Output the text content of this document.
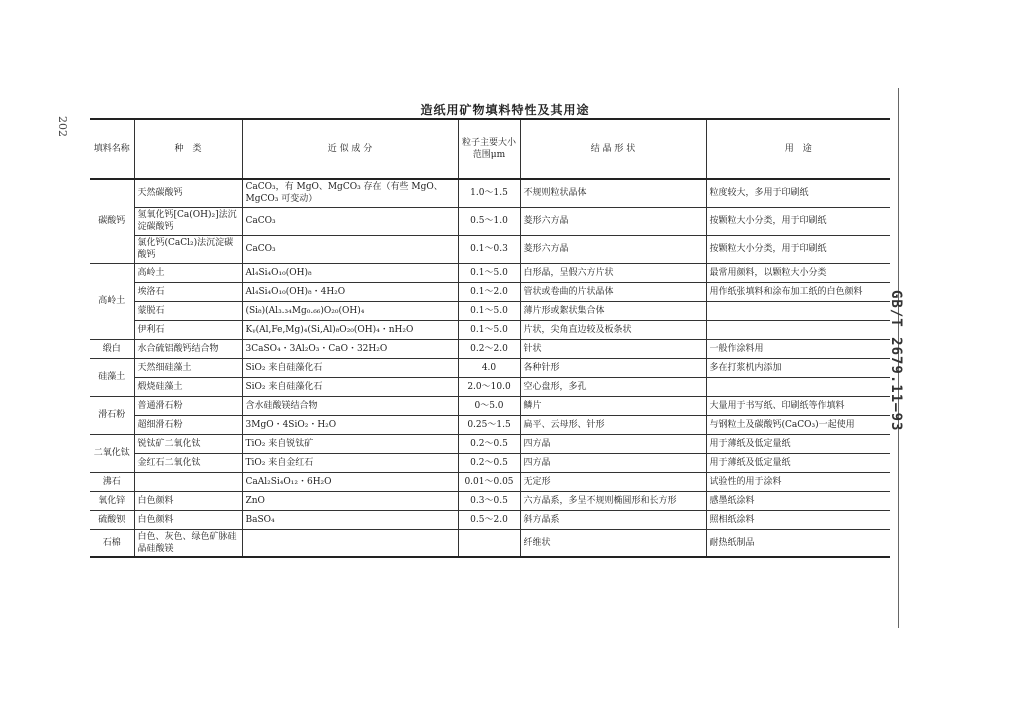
202
GB/T 2679.11—93
造纸用矿物填料特性及其用途
填料名称	种　类	近 似 成 分	粒子主要大小范围μm	结 晶 形 状	用　途
碳酸钙	天然碳酸钙	CaCO₃，有 MgO、MgCO₃ 存在（有些 MgO、MgCO₃ 可变动）	1.0～1.5	不规则粒状晶体	粒度较大，多用于印刷纸
	氢氧化钙[Ca(OH)₂]法沉淀碳酸钙	CaCO₃	0.5～1.0	菱形六方晶	按颗粒大小分类，用于印刷纸
	氯化钙(CaCl₂)法沉淀碳酸钙	CaCO₃	0.1～0.3	菱形六方晶	按颗粒大小分类，用于印刷纸
高岭土	高岭土	Al₄Si₄O₁₀(OH)₈	0.1～5.0	白形晶，呈假六方片状	最常用颜料，以颗粒大小分类
	埃洛石	Al₄Si₄O₁₀(OH)₈・4H₂O	0.1～2.0	管状或卷曲的片状晶体	用作纸张填料和涂布加工纸的白色颜料
	蒙脱石	(Si₈)(Al₃.₃₄Mg₀.₆₆)O₂₀(OH)₄	0.1～5.0	薄片形或絮状集合体	
	伊利石	Kᵧ(Al,Fe,Mg)₄(Si,Al)₈O₂₀(OH)₄・nH₂O	0.1～5.0	片状，尖角直边较及板条状	
缎白	水合硫铝酸钙结合物	3CaSO₄・3Al₂O₃・CaO・32H₂O	0.2～2.0	针状	一般作涂料用
硅藻土	天然细硅藻土	SiO₂ 来自硅藻化石	4.0	各种针形	多在打浆机内添加
	煅烧硅藻土	SiO₂ 来自硅藻化石	2.0～10.0	空心盘形，多孔	
滑石粉	普通滑石粉	含水硅酸镁结合物	0～5.0	鳞片	大量用于书写纸、印刷纸等作填料
	超细滑石粉	3MgO・4SiO₂・H₂O	0.25～1.5	扁平、云母形、针形	与钢粒土及碳酸钙(CaCO₃)一起使用
二氧化钛	锐钛矿二氧化钛	TiO₂ 来自锐钛矿	0.2～0.5	四方晶	用于薄纸及低定量纸
	金红石二氧化钛	TiO₂ 来自金红石	0.2～0.5	四方晶	用于薄纸及低定量纸
沸石		CaAl₂Si₄O₁₂・6H₂O	0.01～0.05	无定形	试验性的用于涂料
氧化锌	白色颜料	ZnO	0.3～0.5	六方晶系，多呈不规则椭圆形和长方形	感墨纸涂料
硫酸钡	白色颜料	BaSO₄	0.5～2.0	斜方晶系	照相纸涂料
石棉	白色、灰色、绿色矿脉硅晶硅酸镁			纤维状	耐热纸制品
